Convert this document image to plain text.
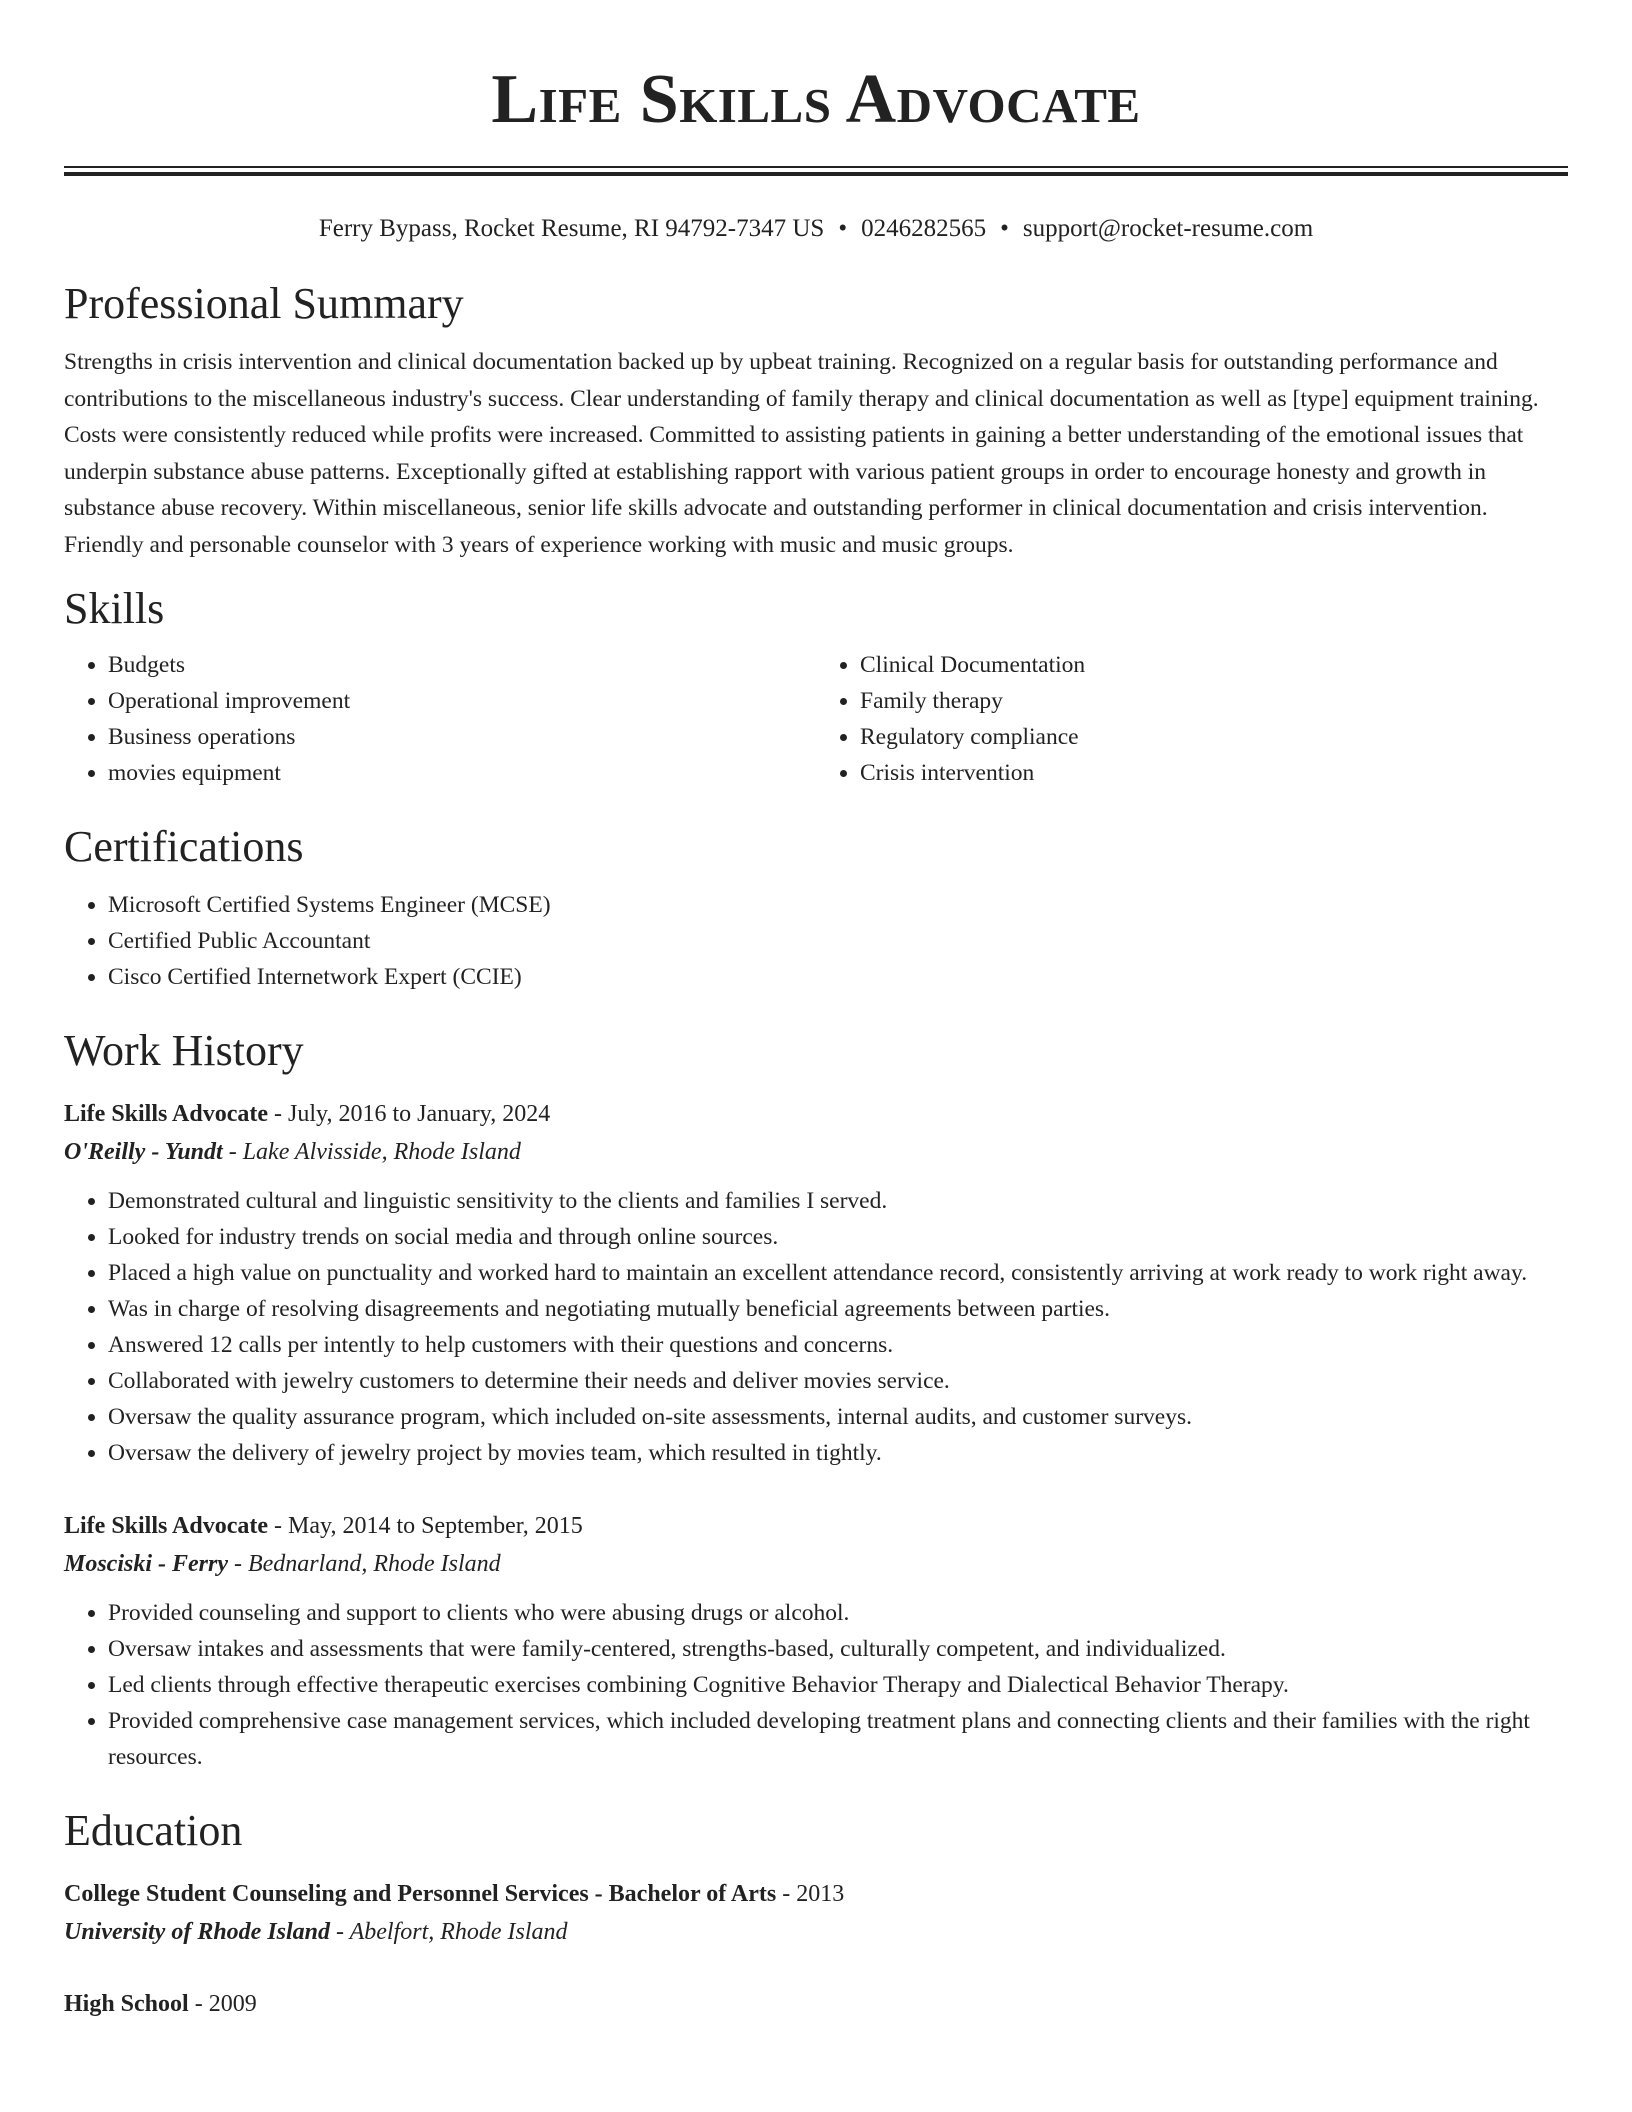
Life Skills Advocate
Ferry Bypass, Rocket Resume, RI 94792-7347 US • 0246282565 • support@rocket-resume.com
Professional Summary
Strengths in crisis intervention and clinical documentation backed up by upbeat training. Recognized on a regular basis for outstanding performance and contributions to the miscellaneous industry's success. Clear understanding of family therapy and clinical documentation as well as [type] equipment training. Costs were consistently reduced while profits were increased. Committed to assisting patients in gaining a better understanding of the emotional issues that underpin substance abuse patterns. Exceptionally gifted at establishing rapport with various patient groups in order to encourage honesty and growth in substance abuse recovery. Within miscellaneous, senior life skills advocate and outstanding performer in clinical documentation and crisis intervention. Friendly and personable counselor with 3 years of experience working with music and music groups.
Skills
• Budgets
• Operational improvement
• Business operations
• movies equipment
• Clinical Documentation
• Family therapy
• Regulatory compliance
• Crisis intervention
Certifications
• Microsoft Certified Systems Engineer (MCSE)
• Certified Public Accountant
• Cisco Certified Internetwork Expert (CCIE)
Work History
Life Skills Advocate - July, 2016 to January, 2024
O'Reilly - Yundt - Lake Alvisside, Rhode Island
• Demonstrated cultural and linguistic sensitivity to the clients and families I served.
• Looked for industry trends on social media and through online sources.
• Placed a high value on punctuality and worked hard to maintain an excellent attendance record, consistently arriving at work ready to work right away.
• Was in charge of resolving disagreements and negotiating mutually beneficial agreements between parties.
• Answered 12 calls per intently to help customers with their questions and concerns.
• Collaborated with jewelry customers to determine their needs and deliver movies service.
• Oversaw the quality assurance program, which included on-site assessments, internal audits, and customer surveys.
• Oversaw the delivery of jewelry project by movies team, which resulted in tightly.
Life Skills Advocate - May, 2014 to September, 2015
Mosciski - Ferry - Bednarland, Rhode Island
• Provided counseling and support to clients who were abusing drugs or alcohol.
• Oversaw intakes and assessments that were family-centered, strengths-based, culturally competent, and individualized.
• Led clients through effective therapeutic exercises combining Cognitive Behavior Therapy and Dialectical Behavior Therapy.
• Provided comprehensive case management services, which included developing treatment plans and connecting clients and their families with the right resources.
Education
College Student Counseling and Personnel Services - Bachelor of Arts - 2013
University of Rhode Island - Abelfort, Rhode Island
High School - 2009
